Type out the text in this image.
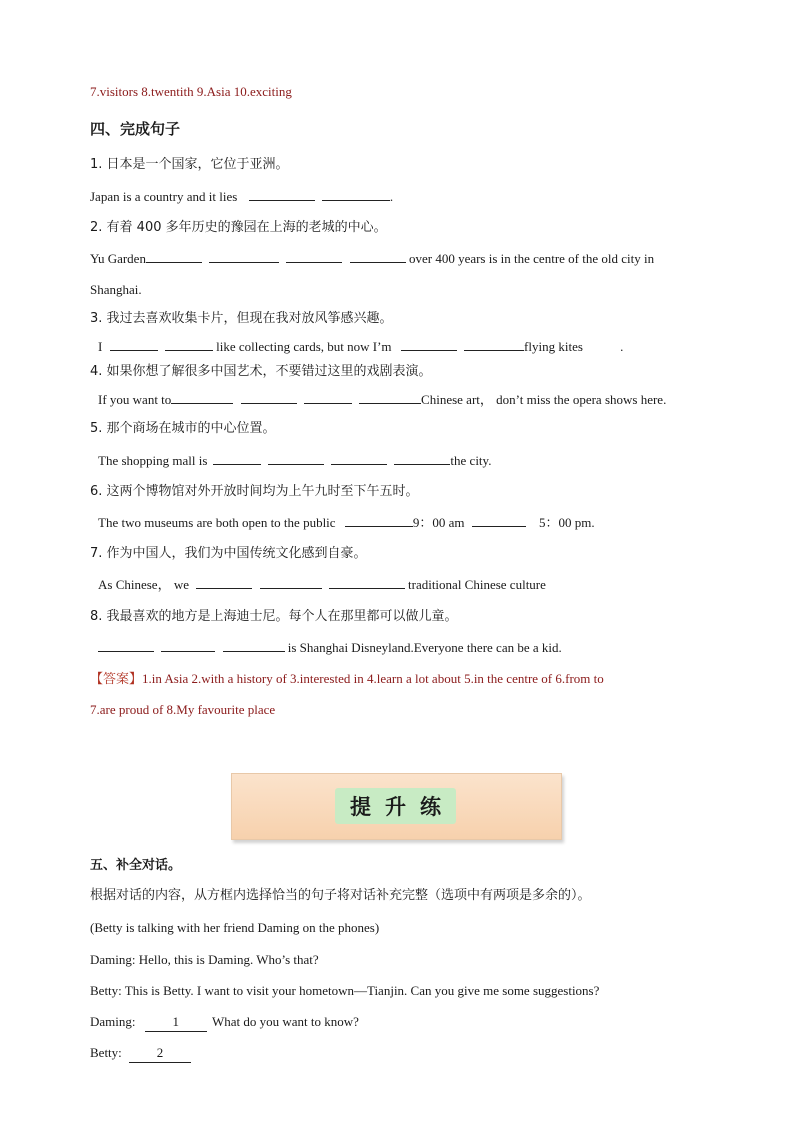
7.visitors 8.twentith 9.Asia 10.exciting
四、完成句子
1. 日本是一个国家，它位于亚洲。
Japan is a country and it lies	.
2. 有着 400 多年历史的豫园在上海的老城的中心。
Yu Garden	over 400 years is in the centre of the old city in
Shanghai.
3. 我过去喜欢收集卡片，但现在我对放风筝感兴趣。
I	like collecting cards, but now I’m	flying kites	.
4. 如果你想了解很多中国艺术，不要错过这里的戏剧表演。
If you want to	Chinese art， don’t miss the opera shows here.
5. 那个商场在城市的中心位置。
The shopping mall is	the city.
6. 这两个博物馆对外开放时间均为上午九时至下午五时。
The two museums are both open to the public	9：00 am	5：00 pm.
7. 作为中国人，我们为中国传统文化感到自豪。
As Chinese， we	traditional Chinese culture
8. 我最喜欢的地方是上海迪士尼。每个人在那里都可以做儿童。
is Shanghai Disneyland.Everyone there can be a kid.
【答案】1.in Asia 2.with a history of 3.interested in 4.learn a lot about 5.in the centre of 6.from to
7.are proud of 8.My favourite place
提升练
五、补全对话。
根据对话的内容，从方框内选择恰当的句子将对话补充完整（选项中有两项是多余的）。
(Betty is talking with her friend Daming on the phones)
Daming: Hello, this is Daming. Who’s that?
Betty: This is Betty. I want to visit your hometown—Tianjin. Can you give me some suggestions?
Daming:	1	What do you want to know?
Betty:	2
